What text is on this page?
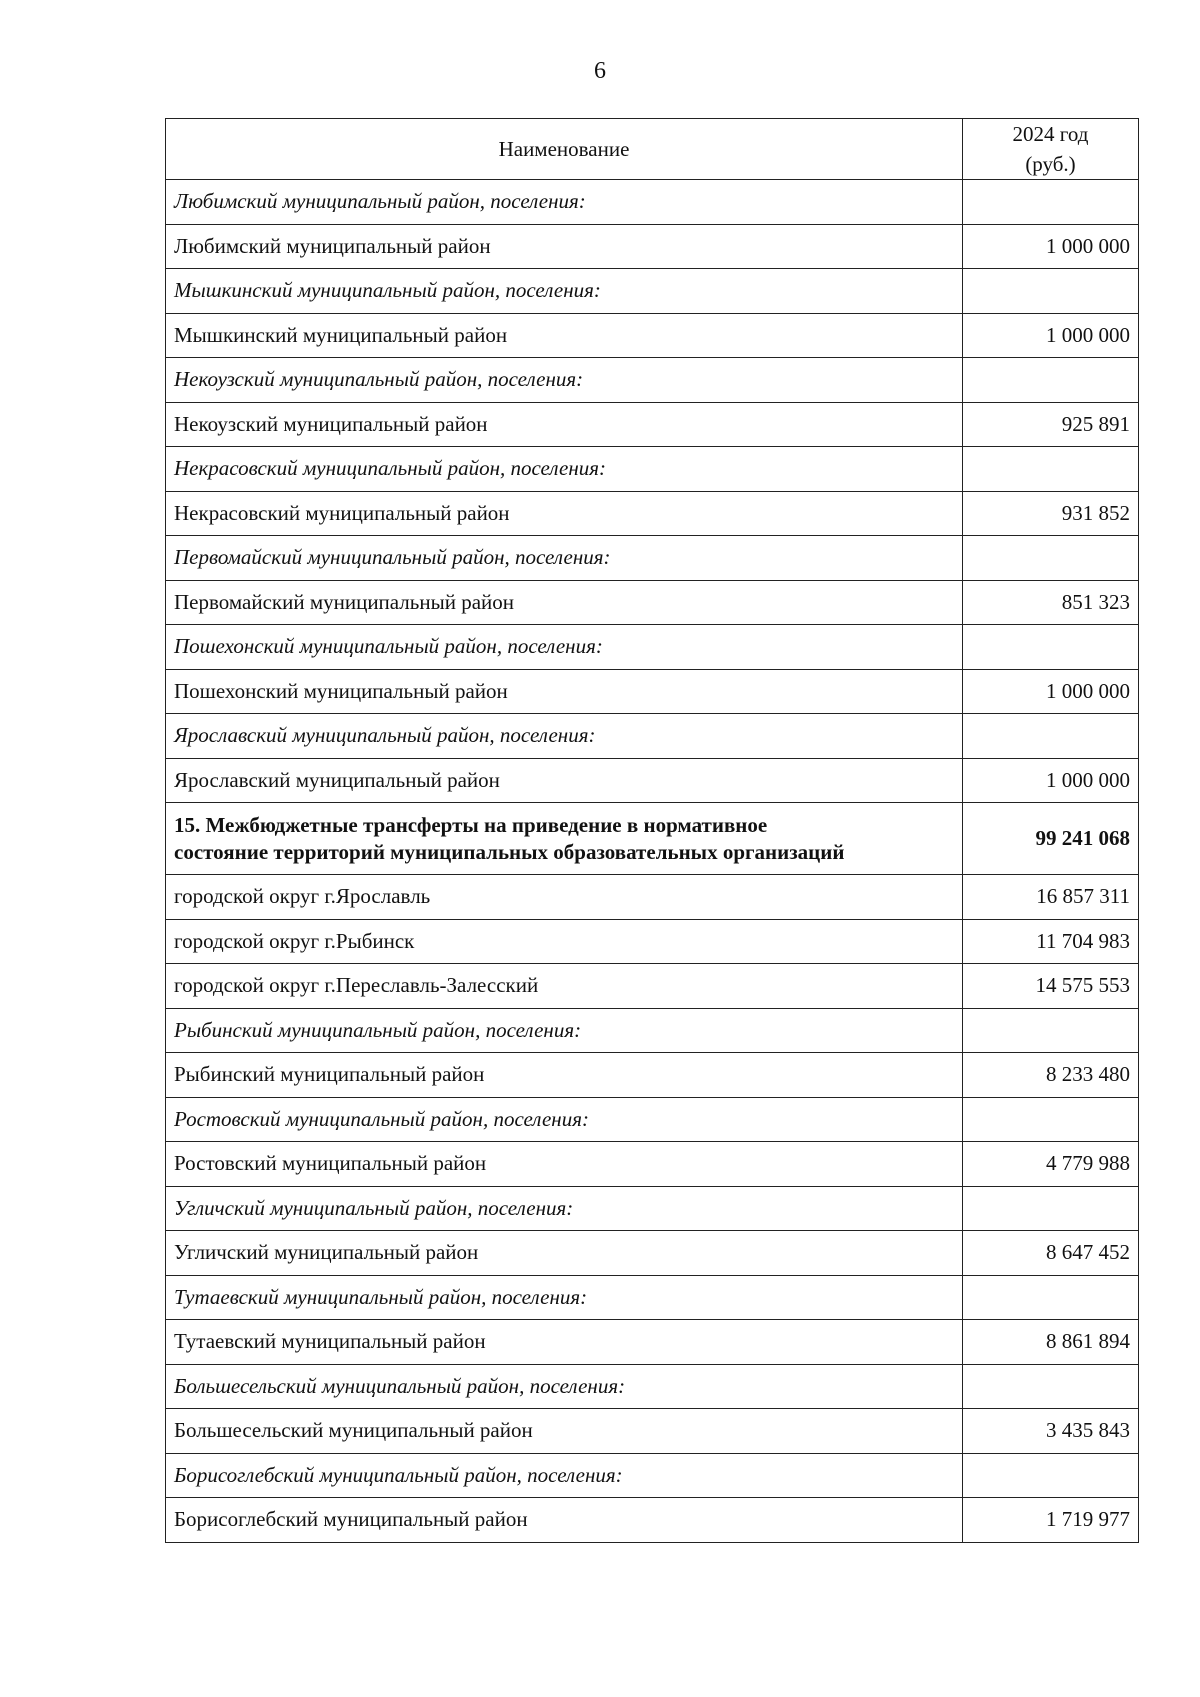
6
Наименование	2024 год
(руб.)
Любимский муниципальный район, поселения:	
Любимский муниципальный район	1 000 000
Мышкинский муниципальный район, поселения:	
Мышкинский муниципальный район	1 000 000
Некоузский муниципальный район, поселения:	
Некоузский муниципальный район	925 891
Некрасовский муниципальный район, поселения:	
Некрасовский муниципальный район	931 852
Первомайский муниципальный район, поселения:	
Первомайский муниципальный район	851 323
Пошехонский муниципальный район, поселения:	
Пошехонский муниципальный район	1 000 000
Ярославский муниципальный район, поселения:	
Ярославский муниципальный район	1 000 000
15. Межбюджетные трансферты на приведение в нормативное
состояние территорий муниципальных образовательных организаций	99 241 068
городской округ г.Ярославль	16 857 311
городской округ г.Рыбинск	11 704 983
городской округ г.Переславль-Залесский	14 575 553
Рыбинский муниципальный район, поселения:	
Рыбинский муниципальный район	8 233 480
Ростовский муниципальный район, поселения:	
Ростовский муниципальный район	4 779 988
Угличский муниципальный район, поселения:	
Угличский муниципальный район	8 647 452
Тутаевский муниципальный район, поселения:	
Тутаевский муниципальный район	8 861 894
Большесельский муниципальный район, поселения:	
Большесельский муниципальный район	3 435 843
Борисоглебский муниципальный район, поселения:	
Борисоглебский муниципальный район	1 719 977
